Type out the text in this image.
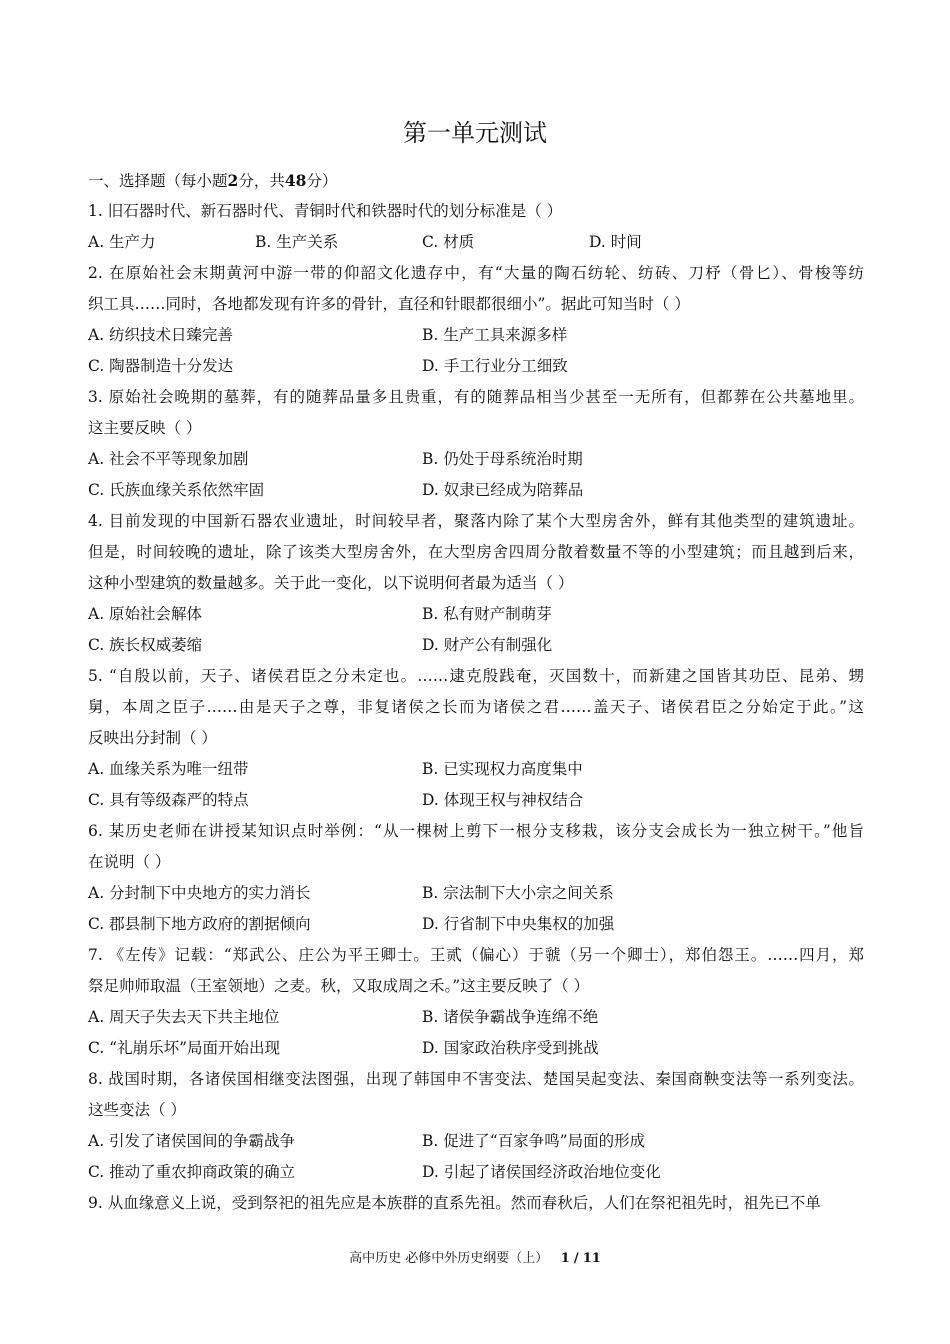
第一单元测试
一、选择题（每小题2分，共48分）
1. 旧石器时代、新石器时代、青铜时代和铁器时代的划分标准是（ ）
A. 生产力	B. 生产关系	C. 材质	D. 时间
2. 在原始社会末期黄河中游一带的仰韶文化遗存中，有“大量的陶石纺轮、纺砖、刀杼（骨匕）、骨梭等纺
织工具……同时，各地都发现有许多的骨针，直径和针眼都很细小”。据此可知当时（ ）
A. 纺织技术日臻完善	B. 生产工具来源多样
C. 陶器制造十分发达	D. 手工行业分工细致
3. 原始社会晚期的墓葬，有的随葬品量多且贵重，有的随葬品相当少甚至一无所有，但都葬在公共墓地里。
这主要反映（ ）
A. 社会不平等现象加剧	B. 仍处于母系统治时期
C. 氏族血缘关系依然牢固	D. 奴隶已经成为陪葬品
4. 目前发现的中国新石器农业遗址，时间较早者，聚落内除了某个大型房舍外，鲜有其他类型的建筑遗址。
但是，时间较晚的遗址，除了该类大型房舍外，在大型房舍四周分散着数量不等的小型建筑；而且越到后来，
这种小型建筑的数量越多。关于此一变化，以下说明何者最为适当（ ）
A. 原始社会解体	B. 私有财产制萌芽
C. 族长权威萎缩	D. 财产公有制强化
5. “自殷以前，天子、诸侯君臣之分未定也。……逮克殷践奄，灭国数十，而新建之国皆其功臣、昆弟、甥
舅，本周之臣子……由是天子之尊，非复诸侯之长而为诸侯之君……盖天子、诸侯君臣之分始定于此。”这
反映出分封制（ ）
A. 血缘关系为唯一纽带	B. 已实现权力高度集中
C. 具有等级森严的特点	D. 体现王权与神权结合
6. 某历史老师在讲授某知识点时举例：“从一棵树上剪下一根分支移栽，该分支会成长为一独立树干。”他旨
在说明（ ）
A. 分封制下中央地方的实力消长	B. 宗法制下大小宗之间关系
C. 郡县制下地方政府的割据倾向	D. 行省制下中央集权的加强
7. 《左传》记载：“郑武公、庄公为平王卿士。王贰（偏心）于虢（另一个卿士），郑伯怨王。……四月，郑
祭足帅师取温（王室领地）之麦。秋，又取成周之禾。”这主要反映了（ ）
A. 周天子失去天下共主地位	B. 诸侯争霸战争连绵不绝
C. “礼崩乐坏”局面开始出现	D. 国家政治秩序受到挑战
8. 战国时期，各诸侯国相继变法图强，出现了韩国申不害变法、楚国吴起变法、秦国商鞅变法等一系列变法。
这些变法（ ）
A. 引发了诸侯国间的争霸战争	B. 促进了“百家争鸣”局面的形成
C. 推动了重农抑商政策的确立	D. 引起了诸侯国经济政治地位变化
9. 从血缘意义上说，受到祭祀的祖先应是本族群的直系先祖。然而春秋后，人们在祭祀祖先时，祖先已不单
高中历史 必修中外历史纲要（上） 1 / 11
